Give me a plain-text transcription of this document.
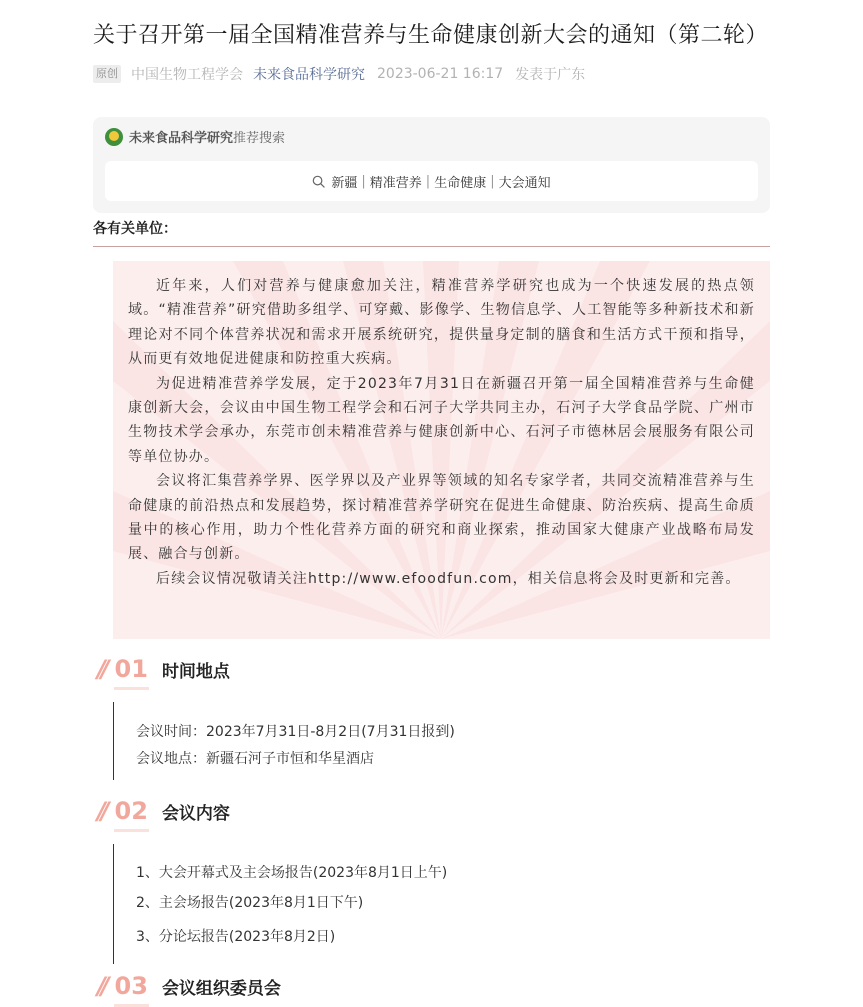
关于召开第一届全国精准营养与生命健康创新大会的通知（第二轮）
原创 中国生物工程学会 未来食品科学研究 2023-06-21 16:17 发表于广东
未来食品科学研究 推荐搜索
新疆 | 精准营养 | 生命健康 | 大会通知
各有关单位：

近年来，人们对营养与健康愈加关注，精准营养学研究也成为一个快速发展的热点领域。“精准营养”研究借助多组学、可穿戴、影像学、生物信息学、人工智能等多种新技术和新理论对不同个体营养状况和需求开展系统研究，提供量身定制的膳食和生活方式干预和指导，从而更有效地促进健康和防控重大疾病。

为促进精准营养学发展，定于2023年7月31日在新疆召开第一届全国精准营养与生命健康创新大会，会议由中国生物工程学会和石河子大学共同主办，石河子大学食品学院、广州市生物技术学会承办，东莞市创未精准营养与健康创新中心、石河子市德林居会展服务有限公司等单位协办。

会议将汇集营养学界、医学界以及产业界等领域的知名专家学者，共同交流精准营养与生命健康的前沿热点和发展趋势，探讨精准营养学研究在促进生命健康、防治疾病、提高生命质量中的核心作用，助力个性化营养方面的研究和商业探索，推动国家大健康产业战略布局发展、融合与创新。

后续会议情况敬请关注http://www.efoodfun.com，相关信息将会及时更新和完善。

// 01 时间地点
会议时间：2023年7月31日-8月2日(7月31日报到)
会议地点：新疆石河子市恒和华星酒店
// 02 会议内容
1、大会开幕式及主会场报告(2023年8月1日上午)
2、主会场报告(2023年8月1日下午)
3、分论坛报告(2023年8月2日)
// 03 会议组织委员会
